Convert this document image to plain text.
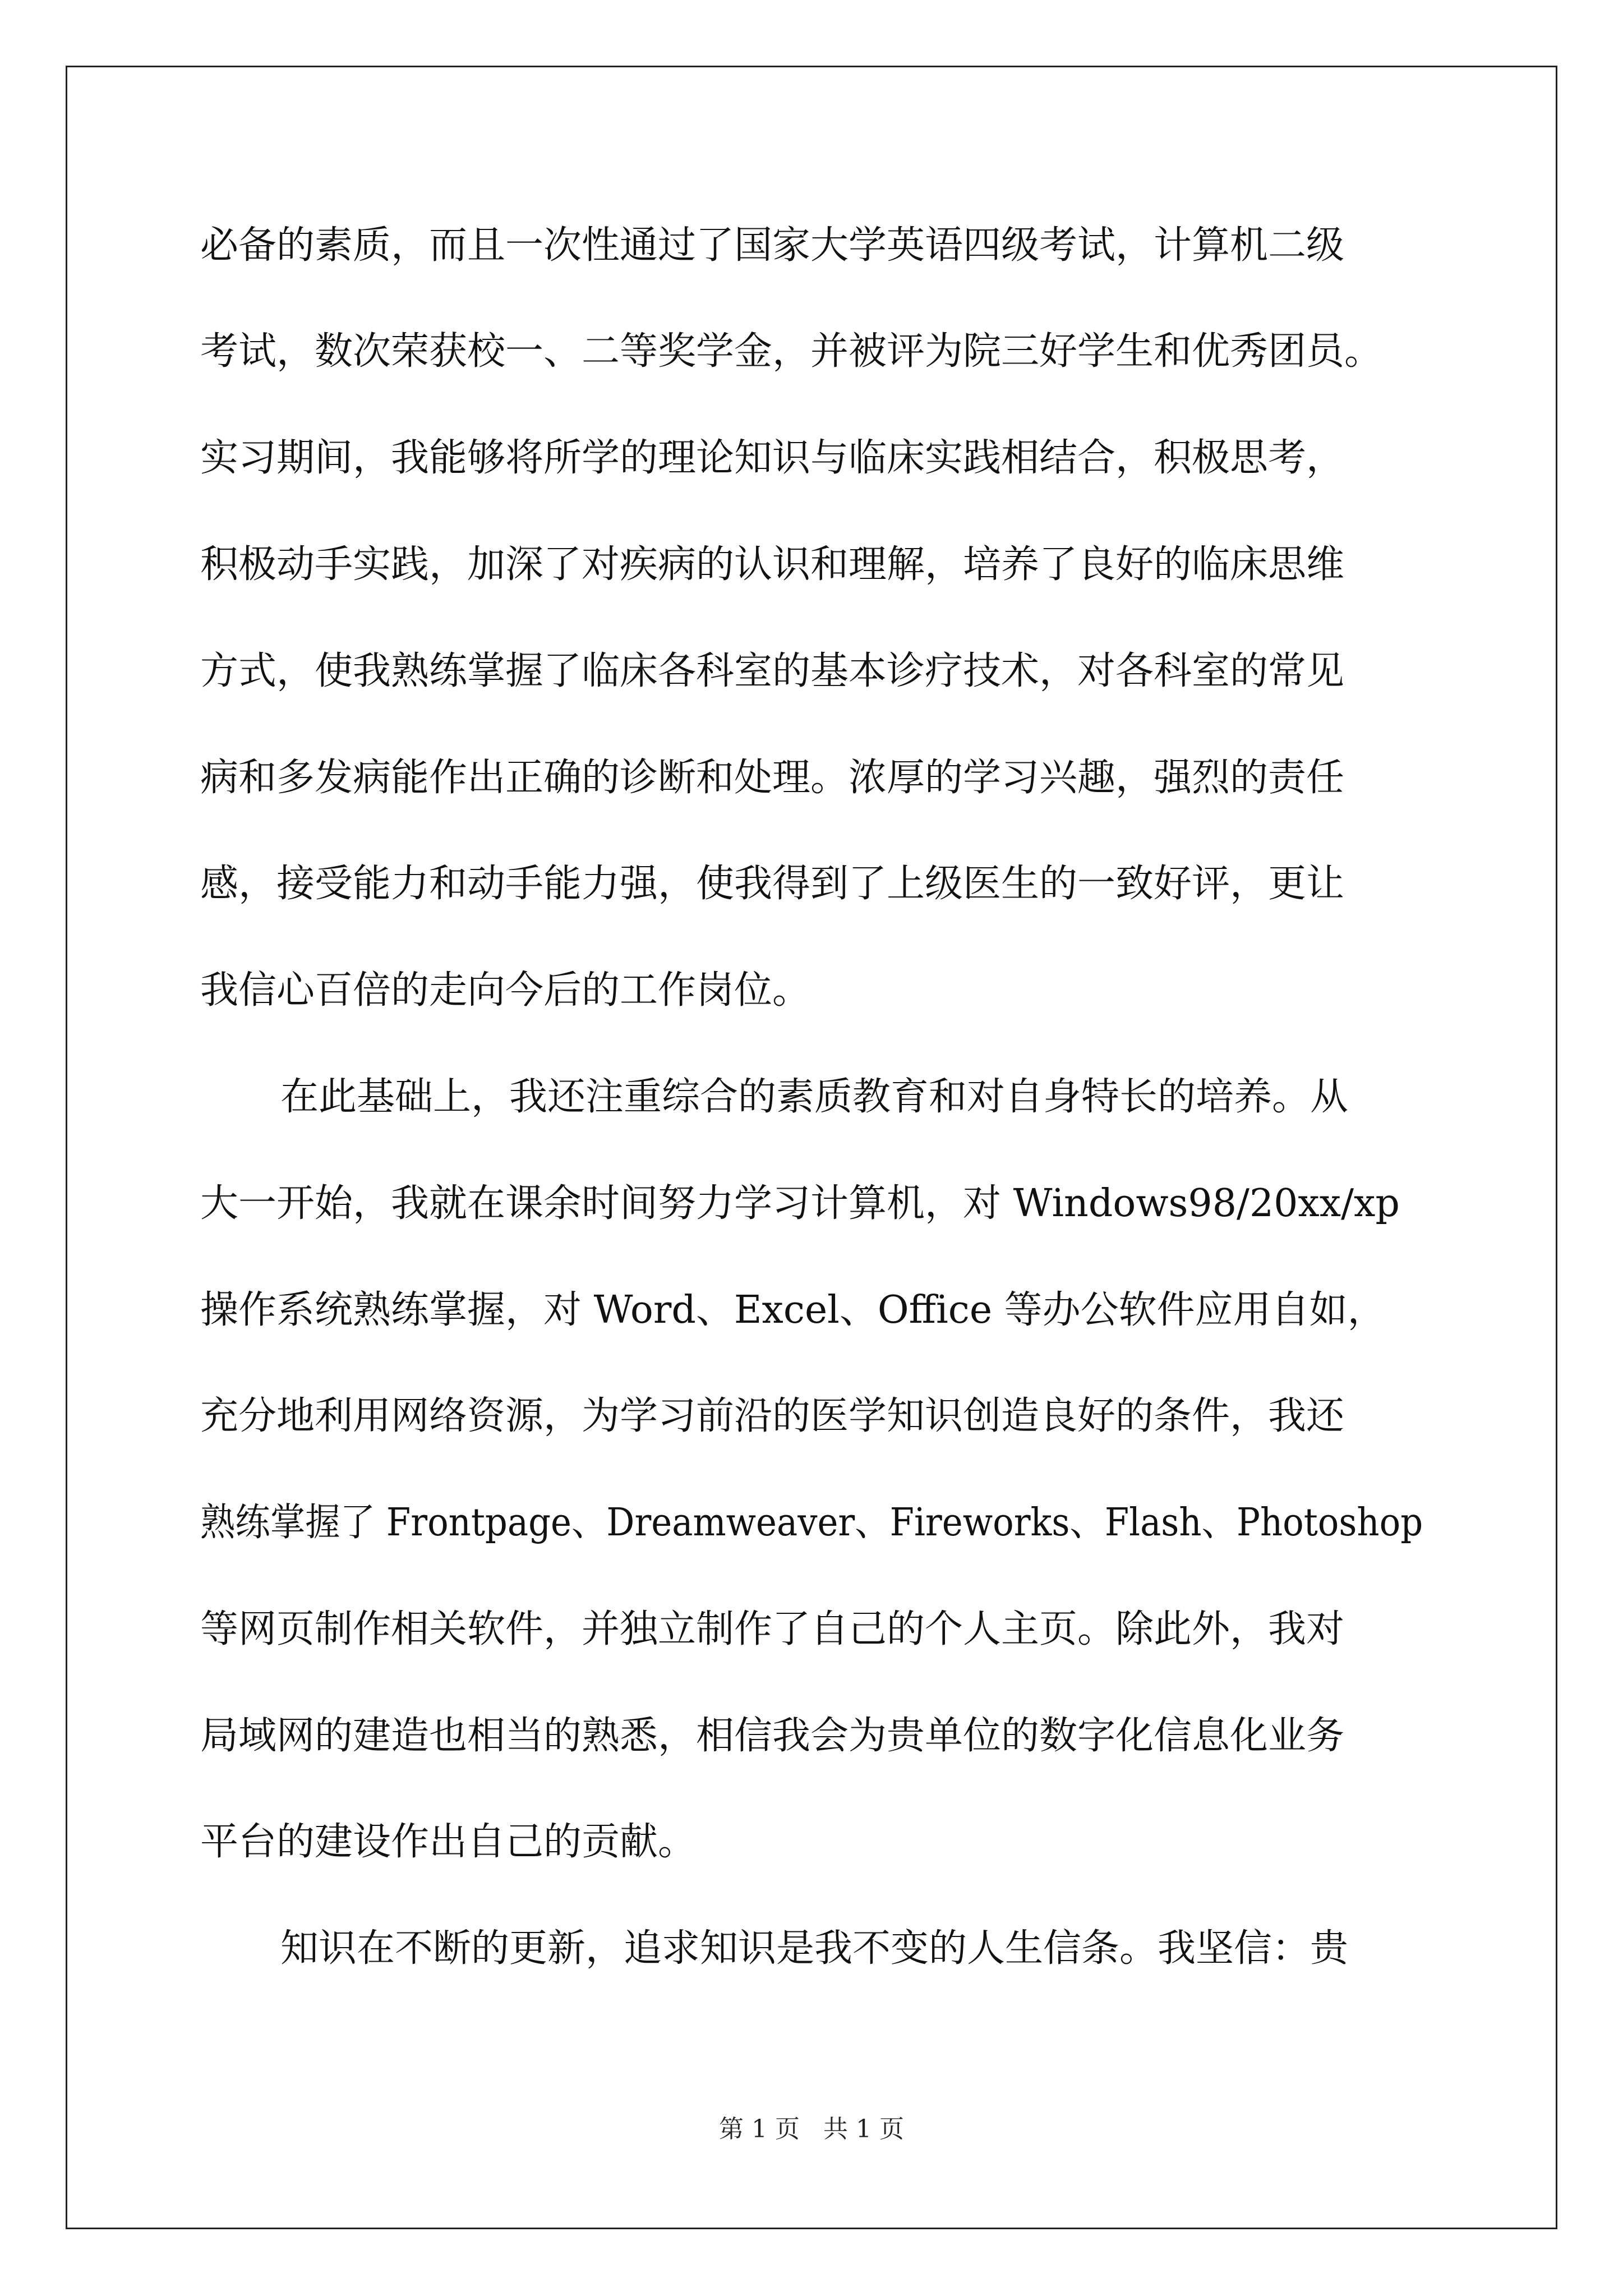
必备的素质，而且一次性通过了国家大学英语四级考试，计算机二级
考试，数次荣获校一、二等奖学金，并被评为院三好学生和优秀团员。
实习期间，我能够将所学的理论知识与临床实践相结合，积极思考，
积极动手实践，加深了对疾病的认识和理解，培养了良好的临床思维
方式，使我熟练掌握了临床各科室的基本诊疗技术，对各科室的常见
病和多发病能作出正确的诊断和处理。浓厚的学习兴趣，强烈的责任
感，接受能力和动手能力强，使我得到了上级医生的一致好评，更让
我信心百倍的走向今后的工作岗位。
在此基础上，我还注重综合的素质教育和对自身特长的培养。从
大一开始，我就在课余时间努力学习计算机，对 Windows98/20xx/xp
操作系统熟练掌握，对 Word、Excel、Office 等办公软件应用自如，
充分地利用网络资源，为学习前沿的医学知识创造良好的条件，我还
熟练掌握了 Frontpage、Dreamweaver、Fireworks、Flash、Photoshop
等网页制作相关软件，并独立制作了自己的个人主页。除此外，我对
局域网的建造也相当的熟悉，相信我会为贵单位的数字化信息化业务
平台的建设作出自己的贡献。
知识在不断的更新，追求知识是我不变的人生信条。我坚信：贵
第 1 页   共 1 页
